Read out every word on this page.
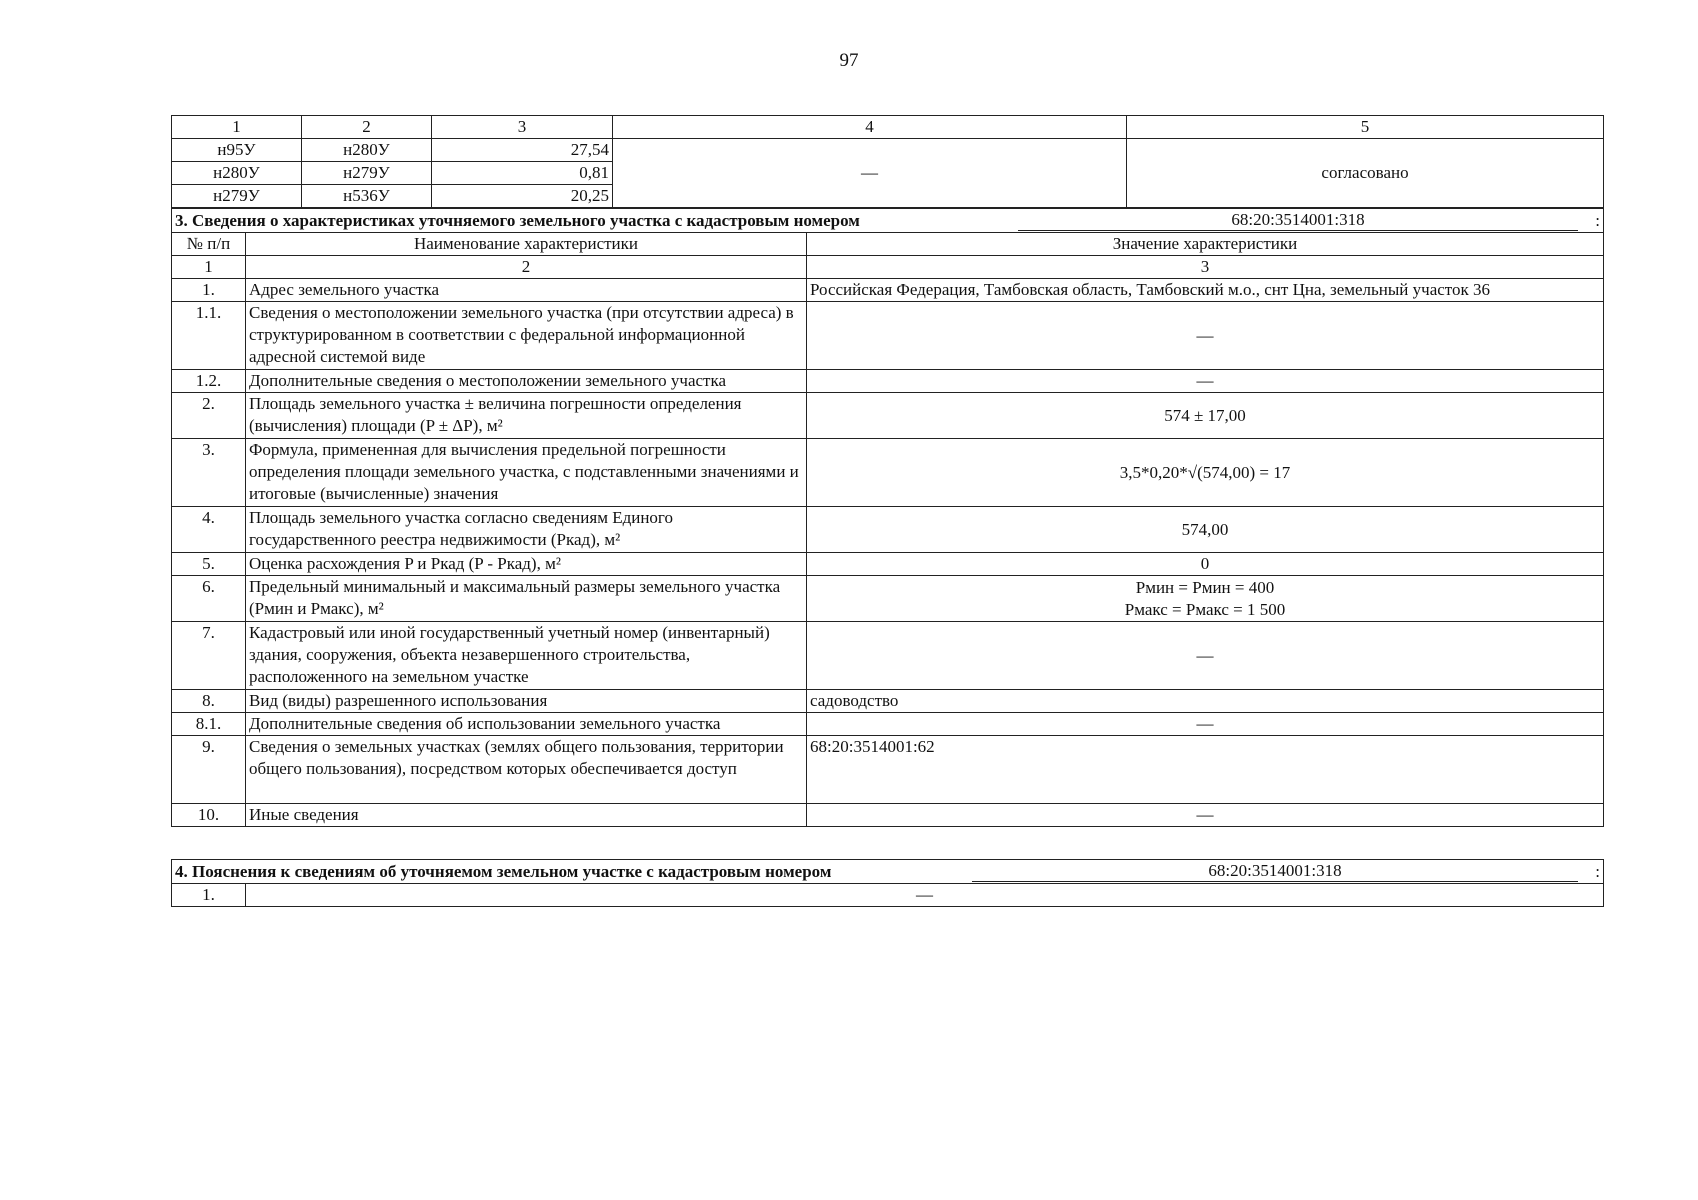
97
1	2	3	4	5
н95У	н280У	27,54	—	согласовано
н280У	н279У	0,81		
н279У	н536У	20,25		
3. Сведения о характеристиках уточняемого земельного участка с кадастровым номером 68:20:3514001:318 :		

№ п/п	Наименование характеристики	Значение характеристики
1	2	3
1.	Адрес земельного участка	Российская Федерация, Тамбовская область, Тамбовский м.о., снт Цна, земельный участок 36
1.1.	Сведения о местоположении земельного участка (при отсутствии адреса) в структурированном в соответствии с федеральной информационной адресной системой виде	—
1.2.	Дополнительные сведения о местоположении земельного участка	—
2.	Площадь земельного участка ± величина погрешности определения (вычисления) площади (P ± ΔP), м²	574 ± 17,00
3.	Формула, примененная для вычисления предельной погрешности определения площади земельного участка, с подставленными значениями и итоговые (вычисленные) значения	3,5*0,20*√(574,00) = 17
4.	Площадь земельного участка согласно сведениям Единого государственного реестра недвижимости (Pкад), м²	574,00
5.	Оценка расхождения P и Pкад (P - Pкад), м²	0
6.	Предельный минимальный и максимальный размеры земельного участка (Pмин и Pмакс), м²	Pмин = Pмин = 400
Pмакс = Pмакс = 1 500

7.	Кадастровый или иной государственный учетный номер (инвентарный) здания, сооружения, объекта незавершенного строительства, расположенного на земельном участке	—
8.	Вид (виды) разрешенного использования	садоводство
8.1.	Дополнительные сведения об использовании земельного участка	—
9.	Сведения о земельных участках (землях общего пользования, территории общего пользования), посредством которых обеспечивается доступ	68:20:3514001:62
10.	Иные сведения	—
4. Пояснения к сведениям об уточняемом земельном участке с кадастровым номером	68:20:3514001:318	:

1.	—
